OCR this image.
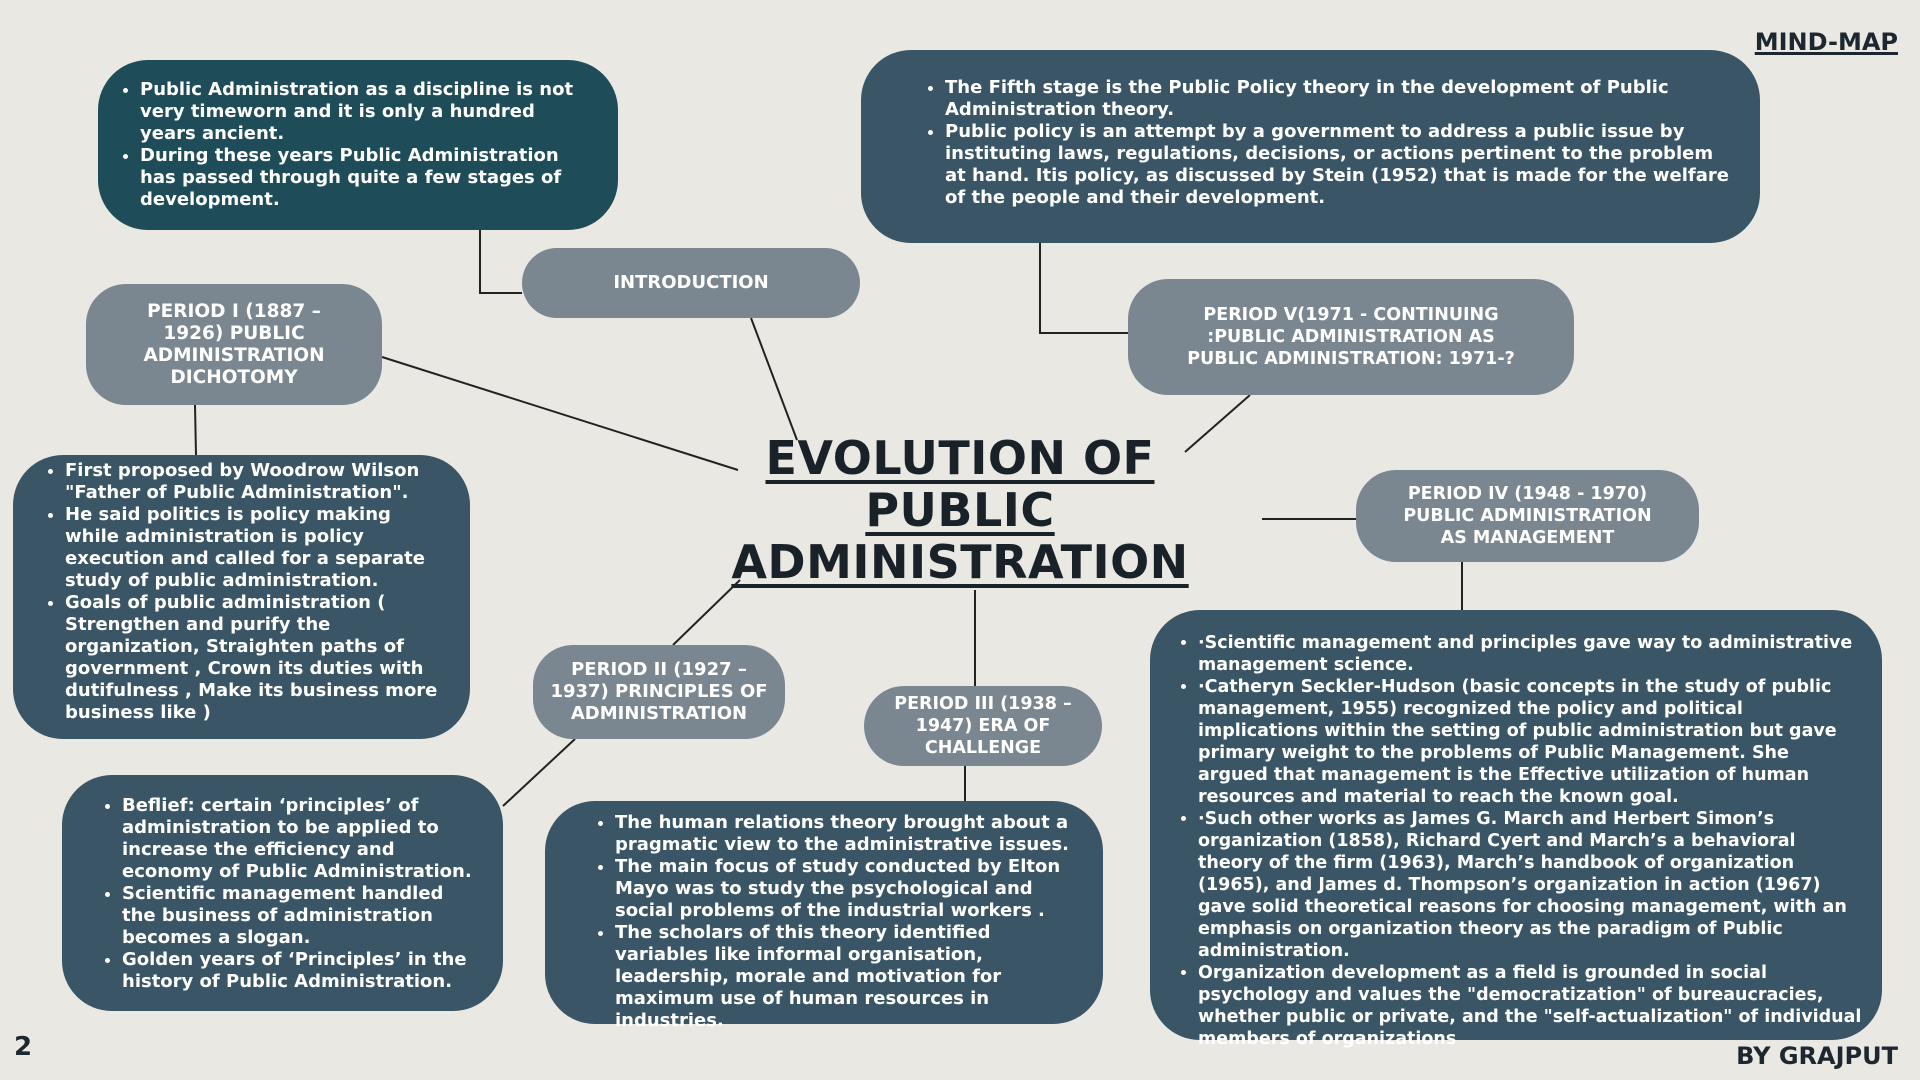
MIND-MAP
2	BY GRAJPUT
• Public Administration as a discipline is not very timeworn and it is only a hundred years ancient.
• During these years Public Administration has passed through quite a few stages of development.
INTRODUCTION
PERIOD I (1887 – 1926) PUBLIC ADMINISTRATION DICHOTOMY
• First proposed by Woodrow Wilson "Father of Public Administration".
• He said politics is policy making while administration is policy execution and called for a separate study of public administration.
• Goals of public administration ( Strengthen and purify the organization, Straighten paths of government , Crown its duties with dutifulness , Make its business more business like )
• The Fifth stage is the Public Policy theory in the development of Public Administration theory.
• Public policy is an attempt by a government to address a public issue by instituting laws, regulations, decisions, or actions pertinent to the problem at hand. Itis policy, as discussed by Stein (1952) that is made for the welfare of the people and their development.
PERIOD V(1971 - CONTINUING :PUBLIC ADMINISTRATION AS PUBLIC ADMINISTRATION: 1971-?
EVOLUTION OF PUBLIC ADMINISTRATION
PERIOD IV (1948 - 1970) PUBLIC ADMINISTRATION AS MANAGEMENT
• ·Scientific management and principles gave way to administrative management science.
• ·Catheryn Seckler-Hudson (basic concepts in the study of public management, 1955) recognized the policy and political implications within the setting of public administration but gave primary weight to the problems of Public Management. She argued that management is the Effective utilization of human resources and material to reach the known goal.
• ·Such other works as James G. March and Herbert Simon’s organization (1858), Richard Cyert and March’s a behavioral theory of the firm (1963), March’s handbook of organization (1965), and James d. Thompson’s organization in action (1967) gave solid theoretical reasons for choosing management, with an emphasis on organization theory as the paradigm of Public administration.
• Organization development as a field is grounded in social psychology and values the "democratization" of bureaucracies, whether public or private, and the "self-actualization" of individual members of organizations
PERIOD II (1927 – 1937) PRINCIPLES OF ADMINISTRATION	PERIOD III (1938 – 1947) ERA OF CHALLENGE
• Beflief: certain ‘principles’ of administration to be applied to increase the efficiency and economy of Public Administration.
• Scientific management handled the business of administration becomes a slogan.
• Golden years of ‘Principles’ in the history of Public Administration.
• The human relations theory brought about a pragmatic view to the administrative issues.
• The main focus of study conducted by Elton Mayo was to study the psychological and social problems of the industrial workers .
• The scholars of this theory identified variables like informal organisation, leadership, morale and motivation for maximum use of human resources in industries.
